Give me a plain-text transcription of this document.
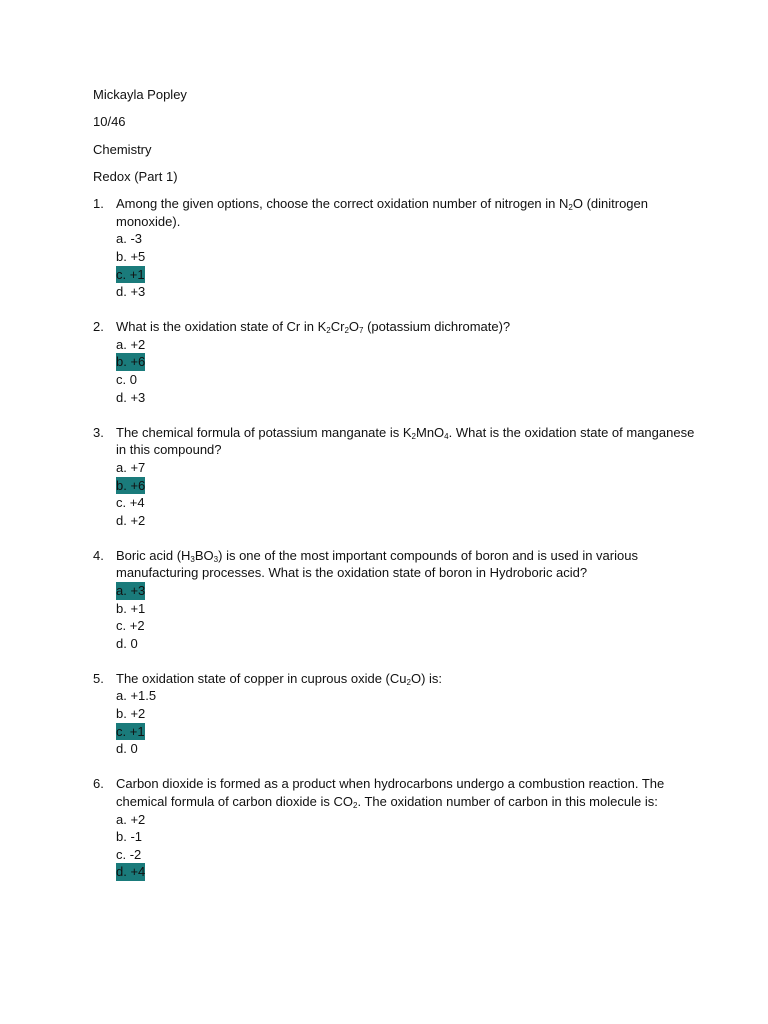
Mickayla Popley

10/46

Chemistry

Redox (Part 1)

1. Among the given options, choose the correct oxidation number of nitrogen in $N_2O$ (dinitrogen monoxide).
a. -3
b. +5
c. +1
d. +3
2. What is the oxidation state of Cr in $K_2Cr_2O_7$ (potassium dichromate)?
a. +2
b. +6
c. 0
d. +3
3. The chemical formula of potassium manganate is $K_2MnO_4$. What is the oxidation state of manganese in this compound?
a. +7
b. +6
c. +4
d. +2
4. Boric acid $(H_3BO_3)$ is one of the most important compounds of boron and is used in various manufacturing processes. What is the oxidation state of boron in Hydroboric acid?
a. +3
b. +1
c. +2
d. 0
5. The oxidation state of copper in cuprous oxide $(Cu_2O)$ is:
a. +1.5
b. +2
c. +1
d. 0
6. Carbon dioxide is formed as a product when hydrocarbons undergo a combustion reaction. The chemical formula of carbon dioxide is $CO_2$. The oxidation number of carbon in this molecule is:
a. +2
b. -1
c. -2
d. +4
